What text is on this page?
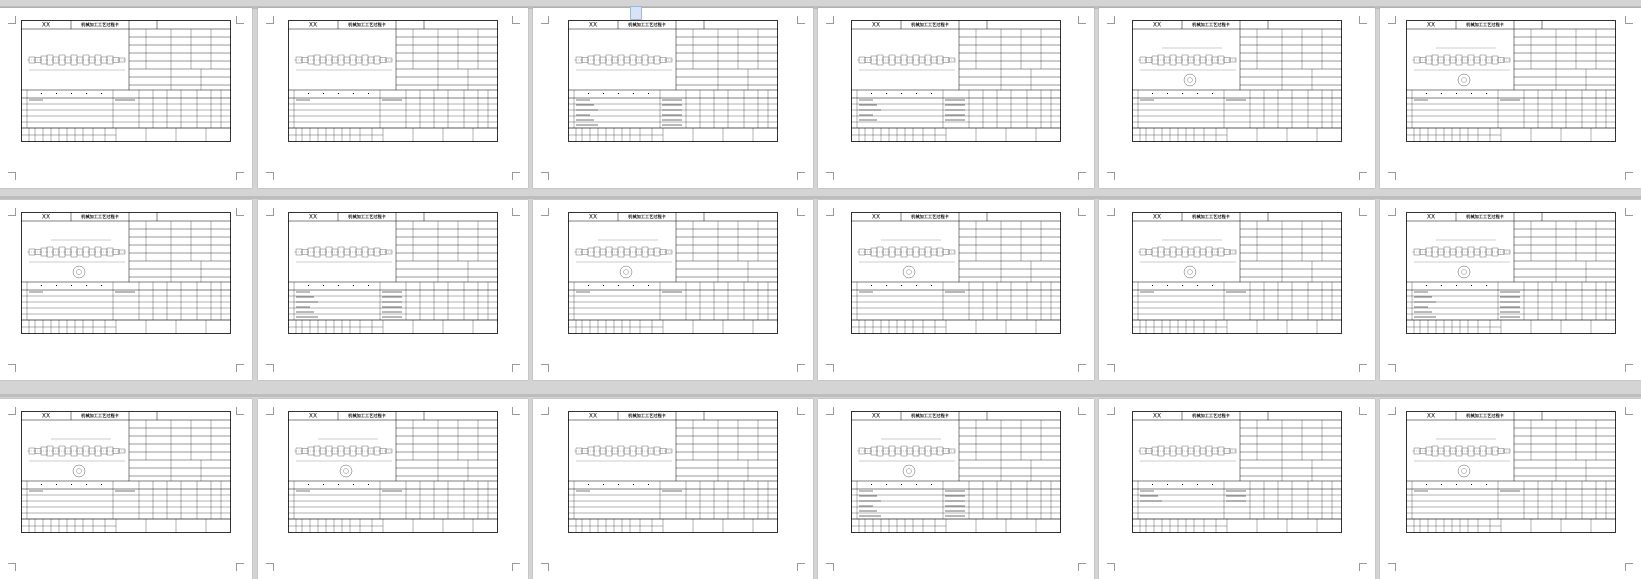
XX	机械加工工艺过程卡	XX	机械加工工艺过程卡	XX	机械加工工艺过程卡	XX	机械加工工艺过程卡	XX	机械加工工艺过程卡	XX	机械加工工艺过程卡
XX	机械加工工艺过程卡	XX	机械加工工艺过程卡	XX	机械加工工艺过程卡	XX	机械加工工艺过程卡	XX	机械加工工艺过程卡	XX	机械加工工艺过程卡
XX	机械加工工艺过程卡	XX	机械加工工艺过程卡	XX	机械加工工艺过程卡	XX	机械加工工艺过程卡	XX	机械加工工艺过程卡	XX	机械加工工艺过程卡
